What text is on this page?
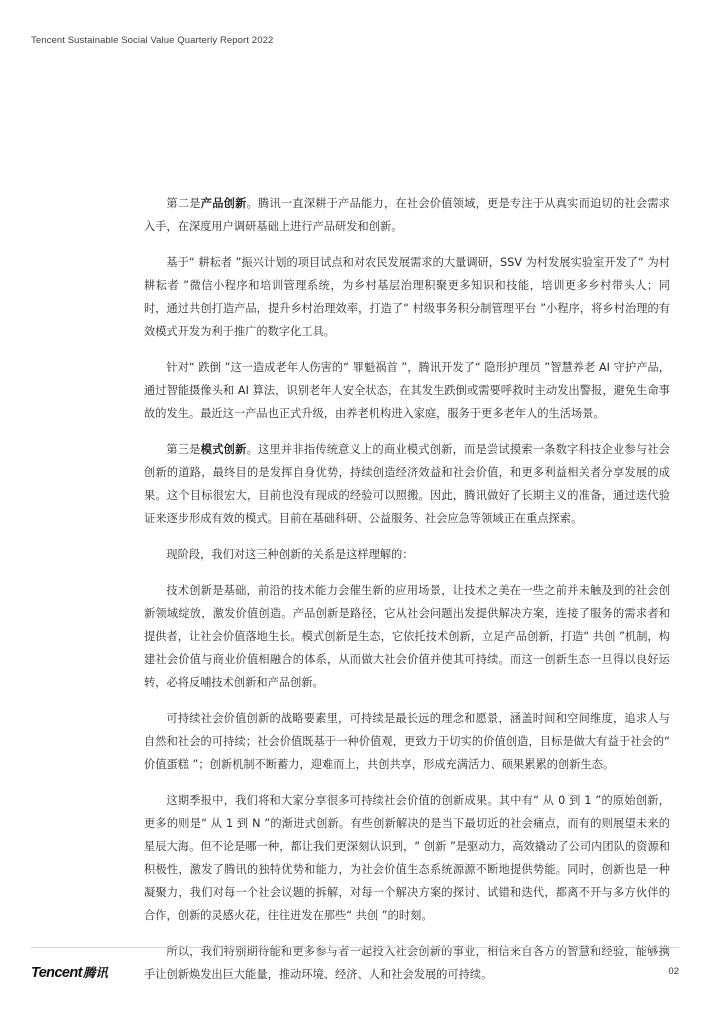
Tencent Sustainable Social Value Quarterly Report 2022

第二是产品创新。腾讯一直深耕于产品能力，在社会价值领域，更是专注于从真实而迫切的社会需求入手，在深度用户调研基础上进行产品研发和创新。

基于“ 耕耘者 ”振兴计划的项目试点和对农民发展需求的大量调研，SSV 为村发展实验室开发了“ 为村耕耘者 ”微信小程序和培训管理系统，为乡村基层治理积聚更多知识和技能，培训更多乡村带头人；同时，通过共创打造产品，提升乡村治理效率，打造了“ 村级事务积分制管理平台 ”小程序，将乡村治理的有效模式开发为利于推广的数字化工具。

针对“ 跌倒 ”这一造成老年人伤害的“ 罪魁祸首 ”，腾讯开发了“ 隐形护理员 ”智慧养老 AI 守护产品，通过智能摄像头和 AI 算法，识别老年人安全状态，在其发生跌倒或需要呼救时主动发出警报，避免生命事故的发生。最近这一产品也正式升级，由养老机构进入家庭，服务于更多老年人的生活场景。

第三是模式创新。这里并非指传统意义上的商业模式创新，而是尝试摸索一条数字科技企业参与社会创新的道路，最终目的是发挥自身优势，持续创造经济效益和社会价值，和更多利益相关者分享发展的成果。这个目标很宏大，目前也没有现成的经验可以照搬。因此，腾讯做好了长期主义的准备，通过迭代验证来逐步形成有效的模式。目前在基础科研、公益服务、社会应急等领域正在重点探索。

现阶段，我们对这三种创新的关系是这样理解的：

技术创新是基础，前沿的技术能力会催生新的应用场景，让技术之美在一些之前并未触及到的社会创新领域绽放，激发价值创造。产品创新是路径，它从社会问题出发提供解决方案，连接了服务的需求者和提供者，让社会价值落地生长。模式创新是生态，它依托技术创新，立足产品创新，打造“ 共创 ”机制，构建社会价值与商业价值相融合的体系，从而做大社会价值并使其可持续。而这一创新生态一旦得以良好运转，必将反哺技术创新和产品创新。

可持续社会价值创新的战略要素里，可持续是最长远的理念和愿景，涵盖时间和空间维度，追求人与自然和社会的可持续；社会价值既基于一种价值观，更致力于切实的价值创造，目标是做大有益于社会的“ 价值蛋糕 ”；创新机制不断蓄力，迎难而上，共创共享，形成充满活力、硕果累累的创新生态。

这期季报中，我们将和大家分享很多可持续社会价值的创新成果。其中有“ 从 0 到 1 ”的原始创新，更多的则是“ 从 1 到 N ”的渐进式创新。有些创新解决的是当下最切近的社会痛点，而有的则展望未来的星辰大海。但不论是哪一种，都让我们更深刻认识到，“ 创新 ”是驱动力，高效撬动了公司内团队的资源和积极性，激发了腾讯的独特优势和能力，为社会价值生态系统源源不断地提供势能。同时，创新也是一种凝聚力，我们对每一个社会议题的拆解，对每一个解决方案的探讨、试错和迭代，都离不开与多方伙伴的合作，创新的灵感火花，往往迸发在那些“ 共创 ”的时刻。

所以，我们特别期待能和更多参与者一起投入社会创新的事业，相信来自各方的智慧和经验，能够携手让创新焕发出巨大能量，推动环境、经济、人和社会发展的可持续。

Tencent 腾讯	02
